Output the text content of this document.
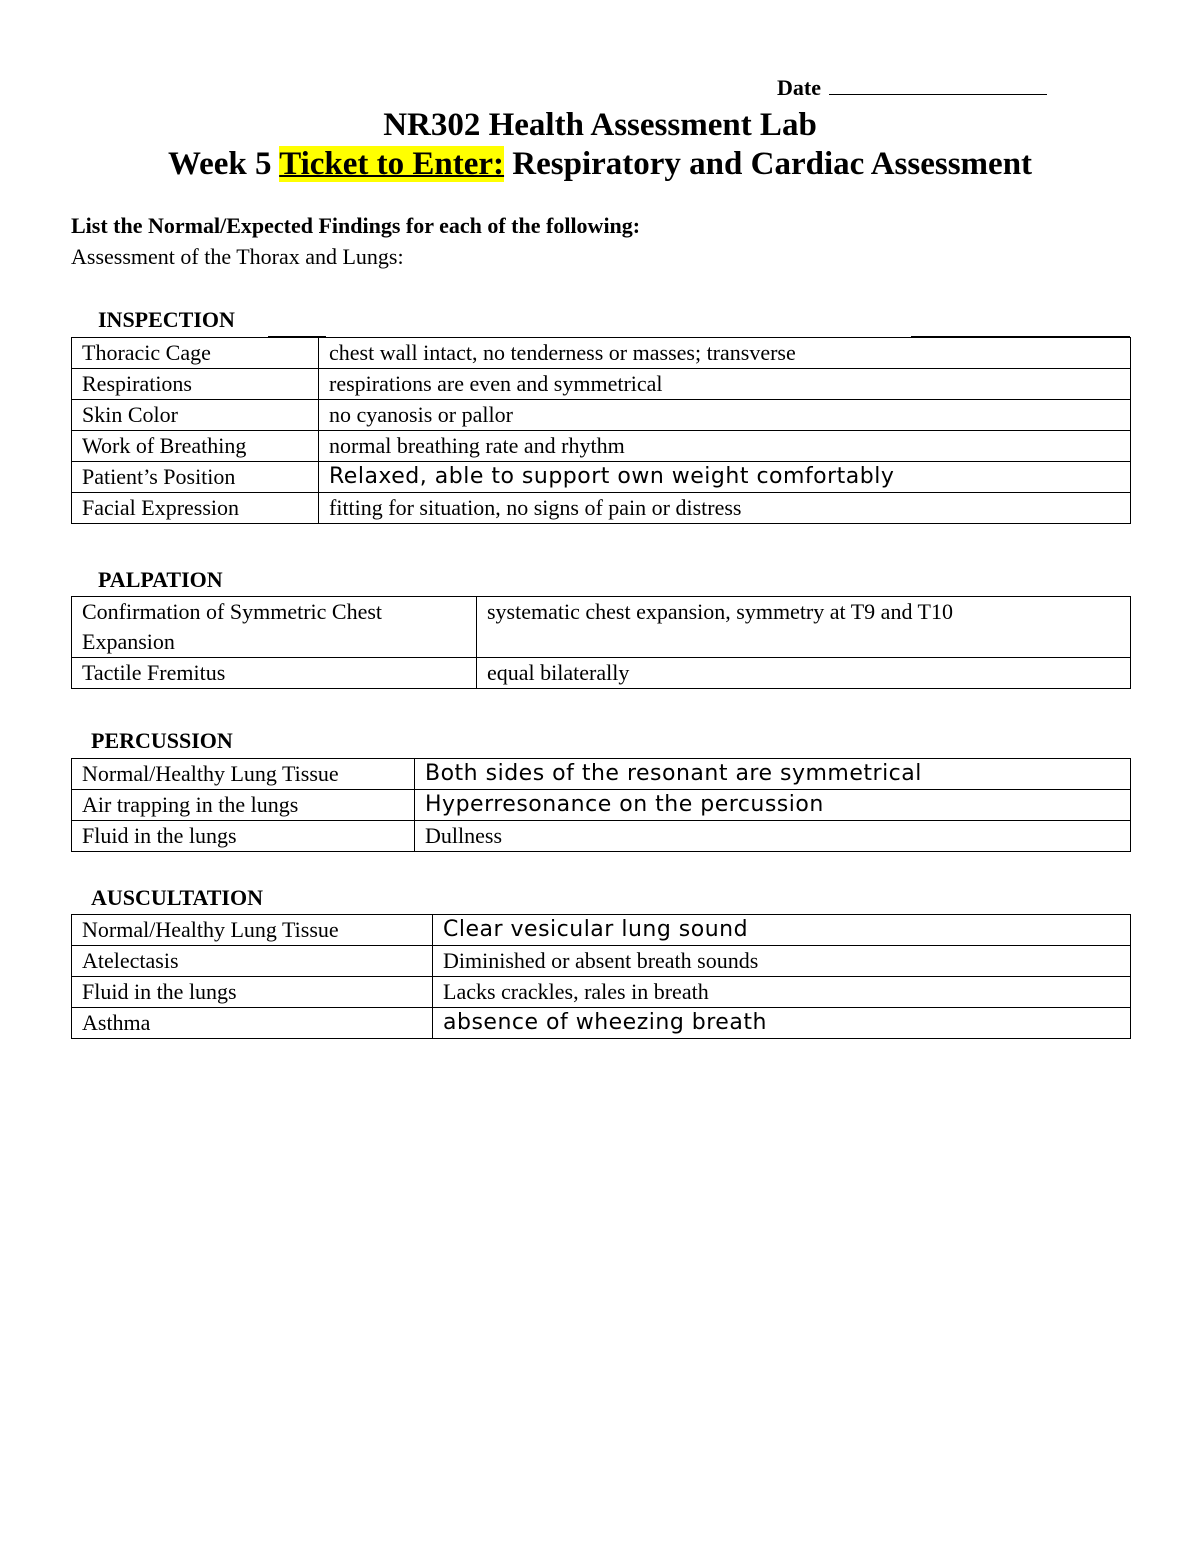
Date
NR302 Health Assessment Lab
Week 5 Ticket to Enter: Respiratory and Cardiac Assessment
List the Normal/Expected Findings for each of the following:
Assessment of the Thorax and Lungs:
INSPECTION
Thoracic Cage	chest wall intact, no tenderness or masses; transverse
Respirations	respirations are even and symmetrical
Skin Color	no cyanosis or pallor
Work of Breathing	normal breathing rate and rhythm
Patient’s Position	Relaxed, able to support own weight comfortably
Facial Expression	fitting for situation, no signs of pain or distress
PALPATION
Confirmation of Symmetric Chest Expansion	systematic chest expansion, symmetry at T9 and T10
Tactile Fremitus	equal bilaterally
PERCUSSION
Normal/Healthy Lung Tissue	Both sides of the resonant are symmetrical
Air trapping in the lungs	Hyperresonance on the percussion
Fluid in the lungs	Dullness
AUSCULTATION
Normal/Healthy Lung Tissue	Clear vesicular lung sound
Atelectasis	Diminished or absent breath sounds
Fluid in the lungs	Lacks crackles, rales in breath
Asthma	absence of wheezing breath
